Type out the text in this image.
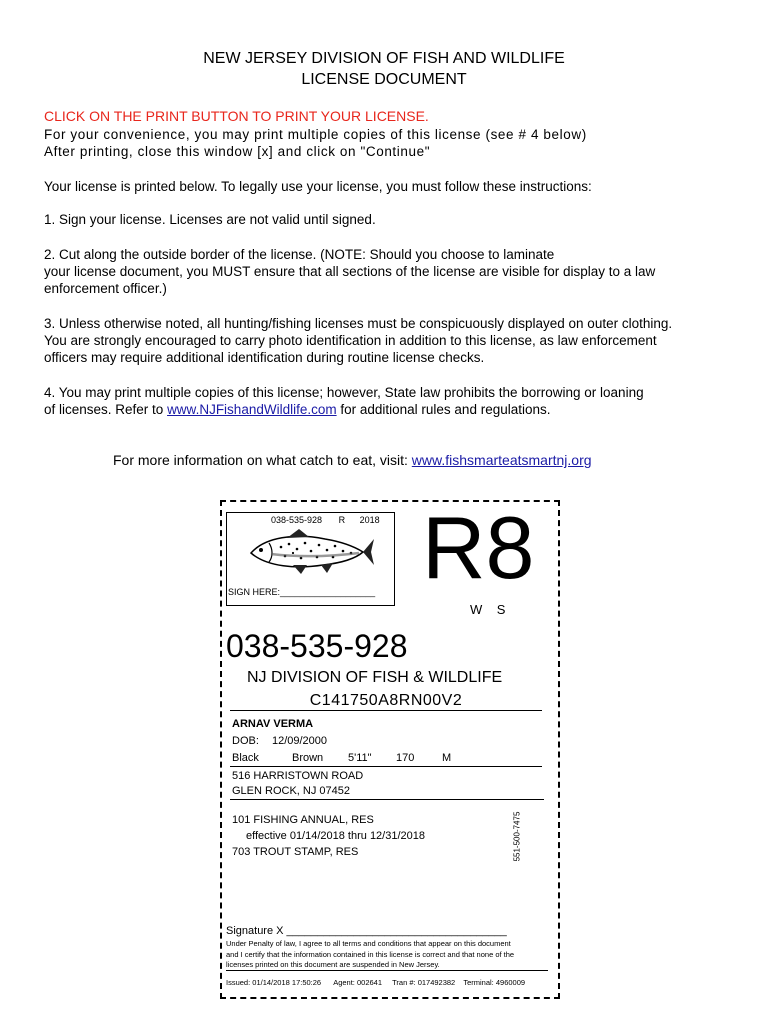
NEW JERSEY DIVISION OF FISH AND WILDLIFE
LICENSE DOCUMENT
CLICK ON THE PRINT BUTTON TO PRINT YOUR LICENSE.
For your convenience, you may print multiple copies of this license (see # 4 below)
After printing, close this window [x] and click on "Continue"
Your license is printed below. To legally use your license, you must follow these instructions:
1. Sign your license. Licenses are not valid until signed.
2. Cut along the outside border of the license. (NOTE: Should you choose to laminate
your license document, you MUST ensure that all sections of the license are visible for display to a law
enforcement officer.)
3. Unless otherwise noted, all hunting/fishing licenses must be conspicuously displayed on outer clothing.
You are strongly encouraged to carry photo identification in addition to this license, as law enforcement
officers may require additional identification during routine license checks.
4. You may print multiple copies of this license; however, State law prohibits the borrowing or loaning
of licenses. Refer to www.NJFishandWildlife.com for additional rules and regulations.
For more information on what catch to eat, visit: www.fishsmarteatsmartnj.org
038-535-928 R 2018
SIGN HERE:___________________ R8
W    S
038-535-928
NJ DIVISION OF FISH & WILDLIFE
C141750A8RN00V2
ARNAV VERMA
DOB: 12/09/2000
Black	Brown 5'11" 170	M
516 HARRISTOWN ROAD
GLEN ROCK, NJ 07452
101 FISHING ANNUAL, RES
effective 01/14/2018 thru 12/31/2018
703 TROUT STAMP, RES	551-500-7475
Signature X ____________________________________
Under Penalty of law, I agree to all terms and conditions that appear on this document
and I certify that the information contained in this license is correct and that none of the
licenses printed on this document are suspended in New Jersey.
Issued: 01/14/2018 17:50:26 Agent: 002641 Tran #: 017492382 Terminal: 4960009
